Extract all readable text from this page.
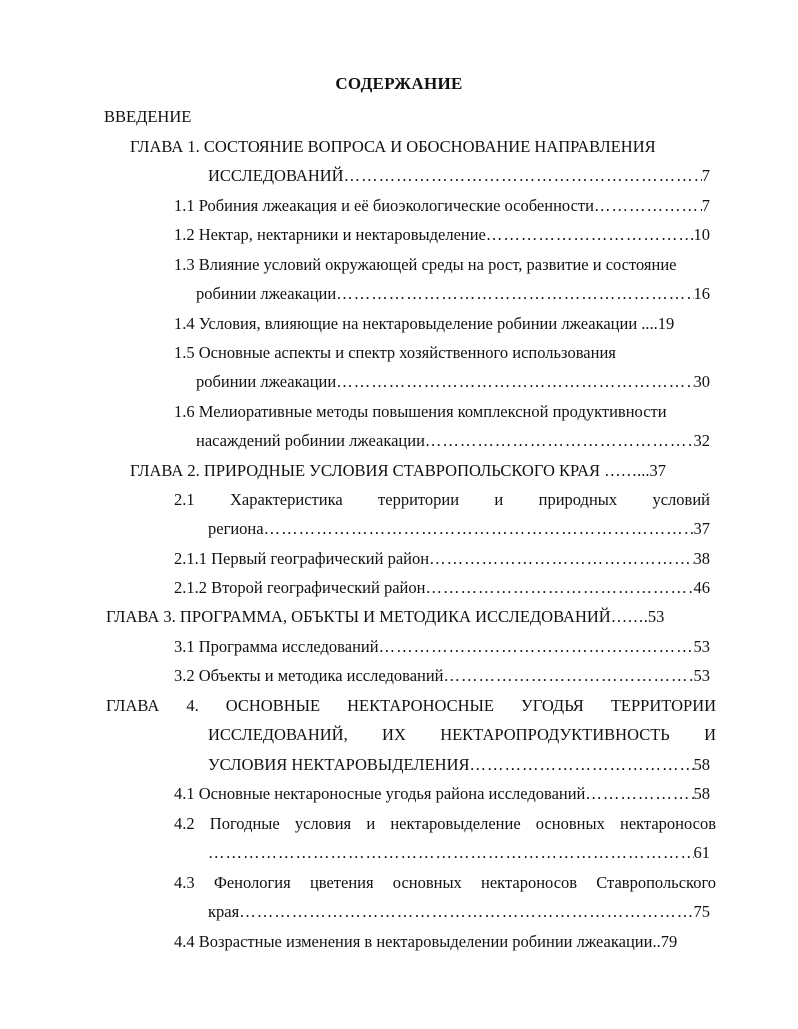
СОДЕРЖАНИЕ
ВВЕДЕНИЕ
ГЛАВА 1. СОСТОЯНИЕ ВОПРОСА И ОБОСНОВАНИЕ НАПРАВЛЕНИЯ
ИССЛЕДОВАНИЙ ……………………………………………………………………………………………………………………………………………………………	7
1.1 Робиния лжеакация и её биоэкологические особенности ……………………………………………………………………………………………………………………………………………………………	7
1.2 Нектар, нектарники и нектаровыделение ……………………………………………………………………………………………………………………………………………………………	10
1.3 Влияние условий окружающей среды на рост, развитие и состояние
робинии лжеакации ……………………………………………………………………………………………………………………………………………………………	16
1.4 Условия, влияющие на нектаровыделение робинии лжеакации .... 19
1.5 Основные аспекты и спектр хозяйственного использования
робинии лжеакации ……………………………………………………………………………………………………………………………………………………………	30
1.6 Мелиоративные методы повышения комплексной продуктивности
насаждений робинии лжеакации ……………………………………………………………………………………………………………………………………………………………	32
ГЛАВА 2. ПРИРОДНЫЕ УСЛОВИЯ СТАВРОПОЛЬСКОГО КРАЯ ……... 37
2.1 Характеристика территории и природных условий
региона ……………………………………………………………………………………………………………………………………………………………	37
2.1.1 Первый географический район ……………………………………………………………………………………………………………………………………………………………	38
2.1.2 Второй географический район ……………………………………………………………………………………………………………………………………………………………	46
ГЛАВА 3. ПРОГРАММА, ОБЪКТЫ И МЕТОДИКА ИССЛЕДОВАНИЙ……. 53
3.1 Программа исследований ……………………………………………………………………………………………………………………………………………………………	53
3.2 Объекты и методика исследований ……………………………………………………………………………………………………………………………………………………………	53
ГЛАВА 4. ОСНОВНЫЕ НЕКТАРОНОСНЫЕ УГОДЬЯ ТЕРРИТОРИИ
ИССЛЕДОВАНИЙ, ИХ НЕКТАРОПРОДУКТИВНОСТЬ И
УСЛОВИЯ НЕКТАРОВЫДЕЛЕНИЯ ……………………………………………………………………………………………………………………………………………………………	58
4.1 Основные нектароносные угодья района исследований ……………………………………………………………………………………………………………………………………………………………	58
4.2 Погодные условия и нектаровыделение основных нектароносов
……………………………………………………………………………………………………………………………………………………………
61
4.3 Фенология цветения основных нектароносов Ставропольского
края ……………………………………………………………………………………………………………………………………………………………	75
4.4 Возрастные изменения в нектаровыделении робинии лжеакации.. 79
